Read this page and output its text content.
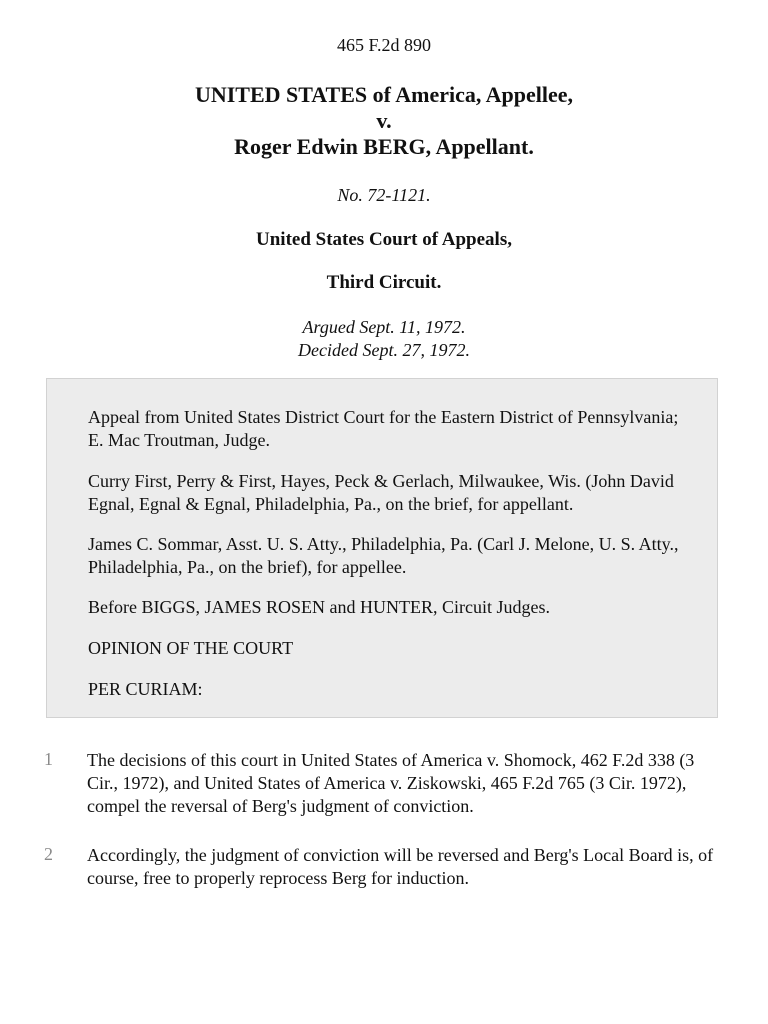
465 F.2d 890
UNITED STATES of America, Appellee,
v.
Roger Edwin BERG, Appellant.
No. 72-1121.
United States Court of Appeals,
Third Circuit.
Argued Sept. 11, 1972.
Decided Sept. 27, 1972.

Appeal from United States District Court for the Eastern District of Pennsylvania; E. Mac Troutman, Judge.

Curry First, Perry & First, Hayes, Peck & Gerlach, Milwaukee, Wis. (John David Egnal, Egnal & Egnal, Philadelphia, Pa., on the brief, for appellant.

James C. Sommar, Asst. U. S. Atty., Philadelphia, Pa. (Carl J. Melone, U. S. Atty., Philadelphia, Pa., on the brief), for appellee.

Before BIGGS, JAMES ROSEN and HUNTER, Circuit Judges.

OPINION OF THE COURT

PER CURIAM:

1 The decisions of this court in United States of America v. Shomock, 462 F.2d 338 (3 Cir., 1972), and United States of America v. Ziskowski, 465 F.2d 765 (3 Cir. 1972), compel the reversal of Berg's judgment of conviction.

2 Accordingly, the judgment of conviction will be reversed and Berg's Local Board is, of course, free to properly reprocess Berg for induction.
